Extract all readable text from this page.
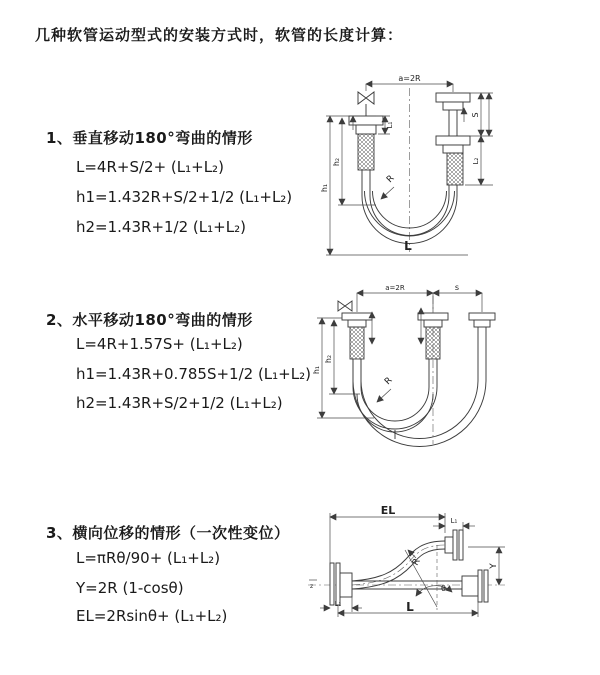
几种软管运动型式的安装方式时，软管的长度计算：
1、垂直移动180°弯曲的情形
L=4R+S/2+ (L₁+L₂)
h1=1.432R+S/2+1/2 (L₁+L₂)
h2=1.43R+1/2 (L₁+L₂)
2、水平移动180°弯曲的情形
L=4R+1.57S+ (L₁+L₂)
h1=1.43R+0.785S+1/2 (L₁+L₂)
h2=1.43R+S/2+1/2 (L₁+L₂)
3、横向位移的情形（一次性变位）
L=πRθ/90+ (L₁+L₂)
Y=2R (1-cosθ)
EL=2Rsinθ+ (L₁+L₂)
a=2R
h₁
h₂
L₁
S
L₂
R
L
a=2R	s
h₁
h₂
R
z
EL
L₁
Y
R
θ
L₁	L
